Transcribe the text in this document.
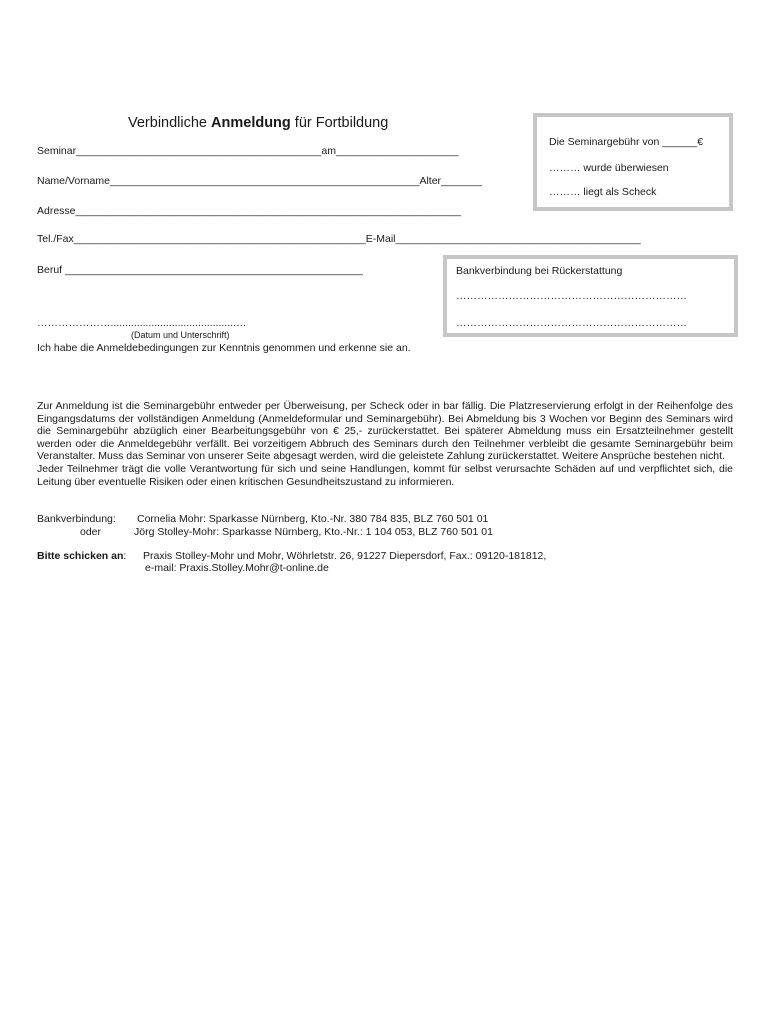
Verbindliche Anmeldung für Fortbildung
Seminar__________________________________________am_____________________
Name/Vorname_____________________________________________________Alter_______
Adresse__________________________________________________________________
Tel./Fax__________________________________________________E-Mail__________________________________________
Beruf ___________________________________________________
Die Seminargebühr von ______€
……… wurde überwiesen
……… liegt als Scheck
Bankverbindung bei Rückerstattung
…………………………………………………………
…………………………………………………………
…………………...........................................…
(Datum und Unterschrift)
Ich habe die Anmeldebedingungen zur Kenntnis genommen und erkenne sie an.

Zur Anmeldung ist die Seminargebühr entweder per Überweisung, per Scheck oder in bar fällig. Die Platzreservierung erfolgt in der Reihenfolge des Eingangsdatums der vollständigen Anmeldung (Anmeldeformular und Seminargebühr). Bei Abmeldung bis 3 Wochen vor Beginn des Seminars wird die Seminargebühr abzüglich einer Bearbeitungsgebühr von € 25,- zurückerstattet. Bei späterer Abmeldung muss ein Ersatzteilnehmer gestellt werden oder die Anmeldegebühr verfällt. Bei vorzeitigem Abbruch des Seminars durch den Teilnehmer verbleibt die gesamte Seminargebühr beim Veranstalter. Muss das Seminar von unserer Seite abgesagt werden, wird die geleistete Zahlung zurückerstattet. Weitere Ansprüche bestehen nicht.

Jeder Teilnehmer trägt die volle Verantwortung für sich und seine Handlungen, kommt für selbst verursachte Schäden auf und verpflichtet sich, die Leitung über eventuelle Risiken oder einen kritischen Gesundheitszustand zu informieren.

Bankverbindung: Cornelia Mohr: Sparkasse Nürnberg, Kto.-Nr. 380 784 835, BLZ 760 501 01
oder	Jörg Stolley-Mohr: Sparkasse Nürnberg, Kto.-Nr.: 1 104 053, BLZ 760 501 01
Bitte schicken an: Praxis Stolley-Mohr und Mohr, Wöhrletstr. 26, 91227 Diepersdorf, Fax.: 09120-181812,
e-mail: Praxis.Stolley.Mohr@t-online.de
